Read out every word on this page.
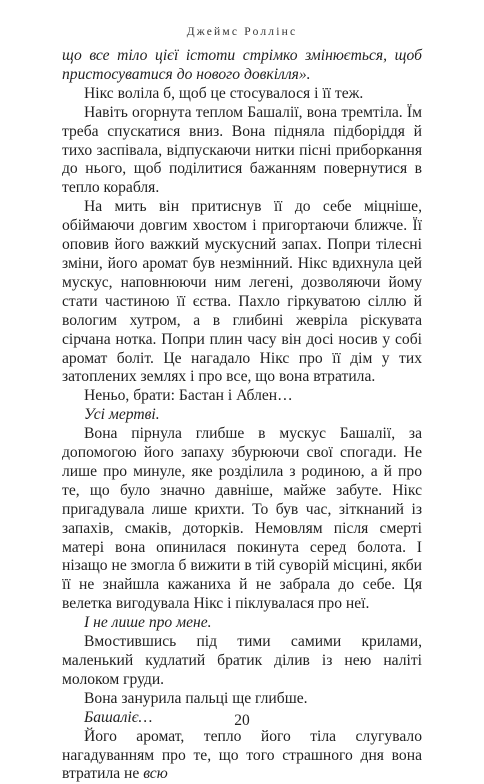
Джеймс Роллінс

що все тіло цієї істоти стрімко змінюється, щоб пристосуватися до нового довкілля».

Нікс воліла б, щоб це стосувалося і її теж.

Навіть огорнута теплом Башалії, вона тремтіла. Їм треба спускатися вниз. Вона підняла підборіддя й тихо заспівала, відпускаючи нитки пісні приборкання до нього, щоб поділитися бажанням повернутися в тепло корабля.

На мить він притиснув її до себе міцніше, обіймаючи довгим хвостом і пригортаючи ближче. Її оповив його важкий мускусний запах. Попри тілесні зміни, його аромат був незмінний. Нікс вдихнула цей мускус, наповнюючи ним легені, дозволяючи йому стати частиною її єства. Пахло гіркуватою сіллю й вологим хутром, а в глибині жевріла ріскувата сірчана нотка. Попри плин часу він досі носив у собі аромат боліт. Це нагадало Нікс про її дім у тих затоплених землях і про все, що вона втратила.

Неньо, брати: Бастан і Аблен…

Усі мертві.

Вона пірнула глибше в мускус Башалії, за допомогою його запаху збурюючи свої спогади. Не лише про минуле, яке розділила з родиною, а й про те, що було значно давніше, майже забуте. Нікс пригадувала лише крихти. То був час, зіткнаний із запахів, смаків, доторків. Немовлям після смерті матері вона опинилася покинута серед болота. І нізащо не змогла б вижити в тій суворій місцині, якби її не знайшла кажаниха й не забрала до себе. Ця велетка вигодувала Нікс і піклувалася про неї.

І не лише про мене.

Вмостившись під тими самими крилами, маленький кудлатий братик ділив із нею наліті молоком груди.

Вона занурила пальці ще глибше.

Башаліє…

Його аромат, тепло його тіла слугувало нагадуванням про те, що того страшного дня вона втратила не всю

20
